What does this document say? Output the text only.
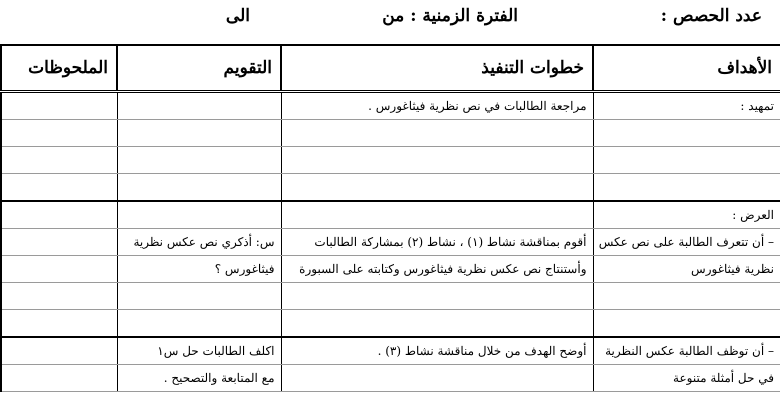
عدد الحصص :
الفترة الزمنية : من
الى
الأهداف	خطوات التنفيذ	التقويم	الملحوظات
تمهيد :	مراجعة الطالبات في نص نظرية فيثاغورس .		

العرض :			
– أن تتعرف الطالبة على نص عكس	أقوم بمناقشة نشاط (١) ، نشاط (٢) بمشاركة الطالبات	س: أذكري نص عكس نظرية	
نظرية فيثاغورس	وأستنتاج نص عكس نظرية فيثاغورس وكتابته على السبورة	فيثاغورس ؟	

– أن توظف الطالبة عكس النظرية	أوضح الهدف من خلال مناقشة نشاط (٣) .	اكلف الطالبات حل س١	
في حل أمثلة متنوعة		مع المتابعة والتصحيح .	
